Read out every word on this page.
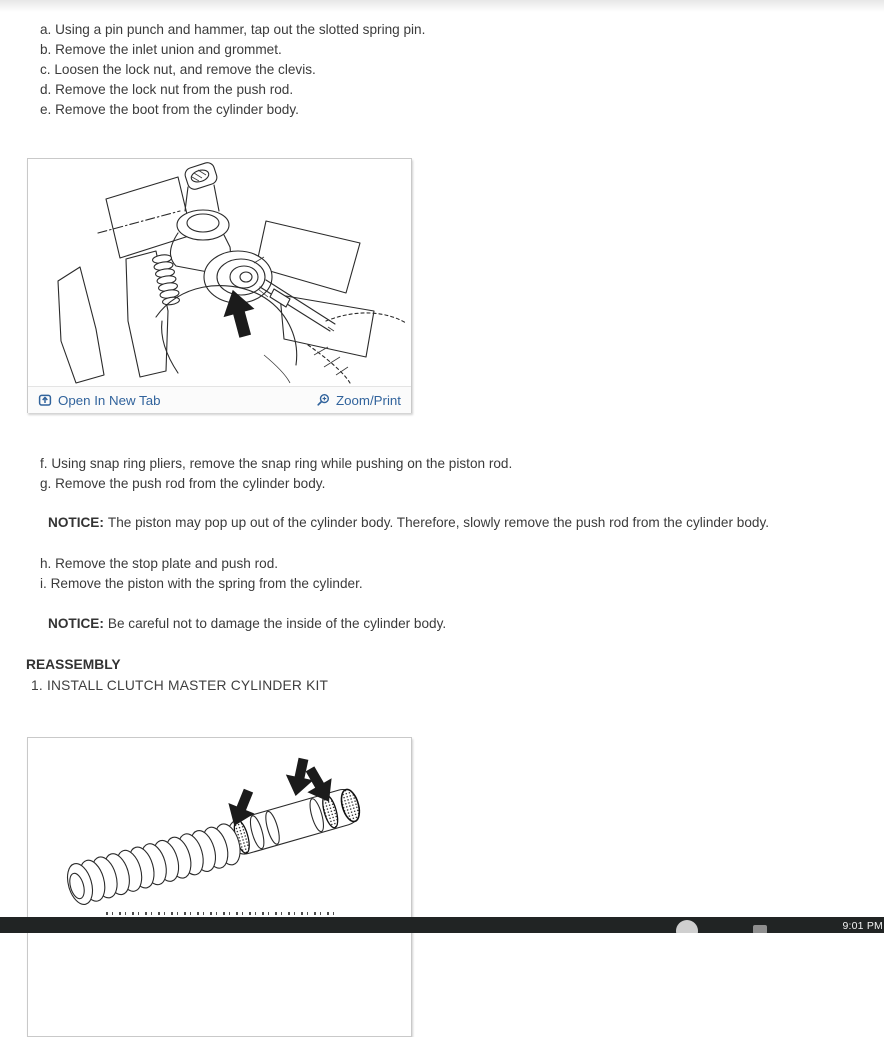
a. Using a pin punch and hammer, tap out the slotted spring pin.
b. Remove the inlet union and grommet.
c. Loosen the lock nut, and remove the clevis.
d. Remove the lock nut from the push rod.
e. Remove the boot from the cylinder body.
Open In New Tab	Zoom/Print
f. Using snap ring pliers, remove the snap ring while pushing on the piston rod.
g. Remove the push rod from the cylinder body.
NOTICE: The piston may pop up out of the cylinder body. Therefore, slowly remove the push rod from the cylinder body.
h. Remove the stop plate and push rod.
i. Remove the piston with the spring from the cylinder.
NOTICE: Be careful not to damage the inside of the cylinder body.
REASSEMBLY
1. INSTALL CLUTCH MASTER CYLINDER KIT
9:01 PM
